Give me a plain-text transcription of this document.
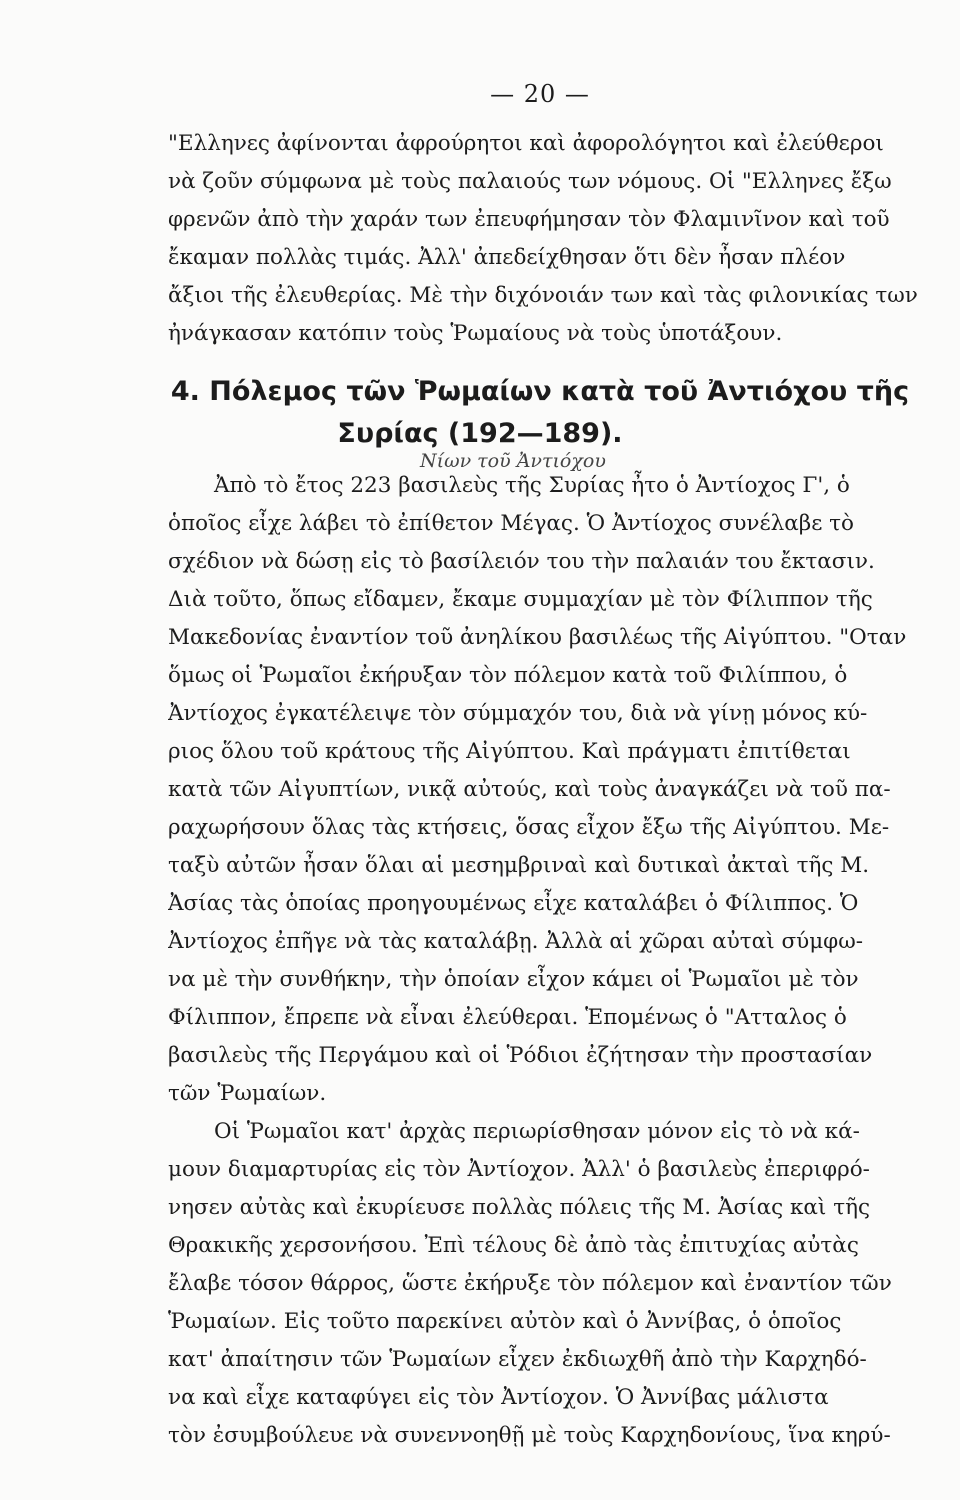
— 20 —
"Ελληνες ἀφίνονται ἀφρούρητοι καὶ ἀφορολόγητοι καὶ ἐλεύθεροι
νὰ ζοῦν σύμφωνα μὲ τοὺς παλαιούς των νόμους. Οἱ "Ελληνες ἔξω
φρενῶν ἀπὸ τὴν χαράν των ἐπευφήμησαν τὸν Φλαμινῖνον καὶ τοῦ
ἔκαμαν πολλὰς τιμάς. Ἀλλ' ἀπεδείχθησαν ὅτι δὲν ἦσαν πλέον
ἄξιοι τῆς ἐλευθερίας. Μὲ τὴν διχόνοιάν των καὶ τὰς φιλονικίας των
ἠνάγκασαν κατόπιν τοὺς Ῥωμαίους νὰ τοὺς ὑποτάξουν.
4. Πόλεμος τῶν Ῥωμαίων κατὰ τοῦ Ἀντιόχου τῆς
Συρίας (192—189).
Νίων τοῦ Ἀντιόχου
Ἀπὸ τὸ ἔτος 223 βασιλεὺς τῆς Συρίας ἦτο ὁ Ἀντίοχος Γ', ὁ
ὁποῖος εἶχε λάβει τὸ ἐπίθετον Μέγας. Ὁ Ἀντίοχος συνέλαβε τὸ
σχέδιον νὰ δώσῃ εἰς τὸ βασίλειόν του τὴν παλαιάν του ἔκτασιν.
Διὰ τοῦτο, ὅπως εἴδαμεν, ἔκαμε συμμαχίαν μὲ τὸν Φίλιππον τῆς
Μακεδονίας ἐναντίον τοῦ ἀνηλίκου βασιλέως τῆς Αἰγύπτου. "Οταν
ὅμως οἱ Ῥωμαῖοι ἐκήρυξαν τὸν πόλεμον κατὰ τοῦ Φιλίππου, ὁ
Ἀντίοχος ἐγκατέλειψε τὸν σύμμαχόν του, διὰ νὰ γίνῃ μόνος κύ-
ριος ὅλου τοῦ κράτους τῆς Αἰγύπτου. Καὶ πράγματι ἐπιτίθεται
κατὰ τῶν Αἰγυπτίων, νικᾷ αὐτούς, καὶ τοὺς ἀναγκάζει νὰ τοῦ πα-
ραχωρήσουν ὅλας τὰς κτήσεις, ὅσας εἶχον ἔξω τῆς Αἰγύπτου. Με-
ταξὺ αὐτῶν ἦσαν ὅλαι αἱ μεσημβριναὶ καὶ δυτικαὶ ἀκταὶ τῆς Μ.
Ἀσίας τὰς ὁποίας προηγουμένως εἶχε καταλάβει ὁ Φίλιππος. Ὁ
Ἀντίοχος ἐπῆγε νὰ τὰς καταλάβῃ. Ἀλλὰ αἱ χῶραι αὐταὶ σύμφω-
να μὲ τὴν συνθήκην, τὴν ὁποίαν εἶχον κάμει οἱ Ῥωμαῖοι μὲ τὸν
Φίλιππον, ἔπρεπε νὰ εἶναι ἐλεύθεραι. Ἑπομένως ὁ "Ατταλος ὁ
βασιλεὺς τῆς Περγάμου καὶ οἱ Ῥόδιοι ἐζήτησαν τὴν προστασίαν
τῶν Ῥωμαίων.
Οἱ Ῥωμαῖοι κατ' ἀρχὰς περιωρίσθησαν μόνον εἰς τὸ νὰ κά-
μουν διαμαρτυρίας εἰς τὸν Ἀντίοχον. Ἀλλ' ὁ βασιλεὺς ἐπεριφρό-
νησεν αὐτὰς καὶ ἐκυρίευσε πολλὰς πόλεις τῆς Μ. Ἀσίας καὶ τῆς
Θρακικῆς χερσονήσου. Ἐπὶ τέλους δὲ ἀπὸ τὰς ἐπιτυχίας αὐτὰς
ἔλαβε τόσον θάρρος, ὥστε ἐκήρυξε τὸν πόλεμον καὶ ἐναντίον τῶν
Ῥωμαίων. Εἰς τοῦτο παρεκίνει αὐτὸν καὶ ὁ Ἀννίβας, ὁ ὁποῖος
κατ' ἀπαίτησιν τῶν Ῥωμαίων εἶχεν ἐκδιωχθῆ ἀπὸ τὴν Καρχηδό-
να καὶ εἶχε καταφύγει εἰς τὸν Ἀντίοχον. Ὁ Ἀννίβας μάλιστα
τὸν ἐσυμβούλευε νὰ συνεννοηθῇ μὲ τοὺς Καρχηδονίους, ἵνα κηρύ-
